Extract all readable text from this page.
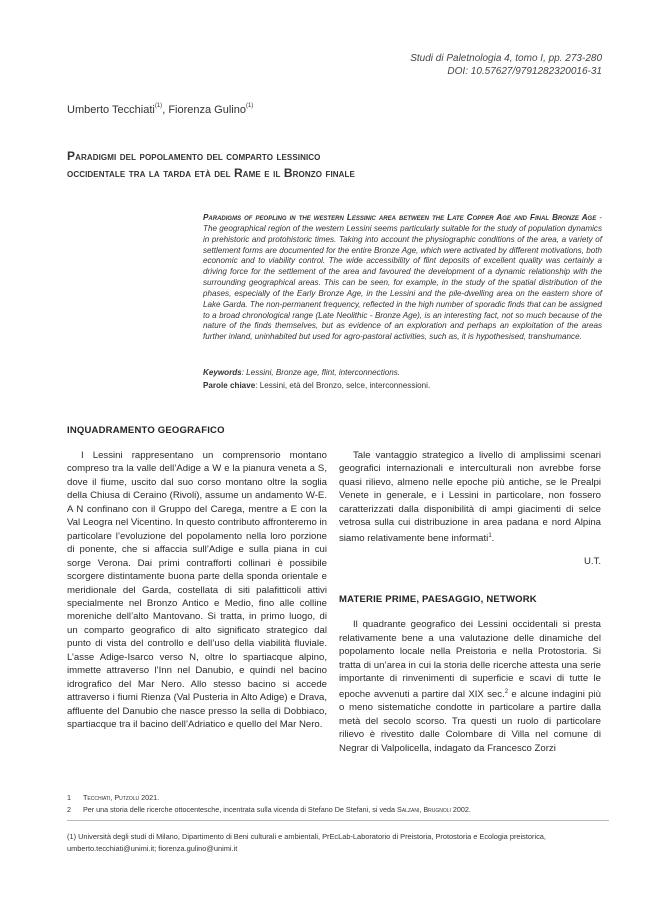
Studi di Paletnologia 4, tomo I, pp. 273-280
DOI: 10.57627/9791282320016-31
Umberto Tecchiati$^{(1)}$, Fiorenza Gulino$^{(1)}$
Paradigmi del popolamento del comparto lessinico
occidentale tra la tarda età del Rame e il Bronzo finale
Paradigms of peopling in the western Lessinic area between the Late Copper Age and Final Bronze Age - The geographical region of the western Lessini seems particularly suitable for the study of population dynamics in prehistoric and protohistoric times. Taking into account the physiographic conditions of the area, a variety of settlement forms are documented for the entire Bronze Age, which were activated by different motivations, both economic and to viability control. The wide accessibility of flint deposits of excellent quality was certainly a driving force for the settlement of the area and favoured the development of a dynamic relationship with the surrounding geographical areas. This can be seen, for example, in the study of the spatial distribution of the phases, especially of the Early Bronze Age, in the Lessini and the pile-dwelling area on the eastern shore of Lake Garda. The non-permanent frequency, reflected in the high number of sporadic finds that can be assigned to a broad chronological range (Late Neolithic - Bronze Age), is an interesting fact, not so much because of the nature of the finds themselves, but as evidence of an exploration and perhaps an exploitation of the areas further inland, uninhabited but used for agro-pastoral activities, such as, it is hypothesised, transhumance.
Keywords: Lessini, Bronze age, flint, interconnections.
Parole chiave: Lessini, età del Bronzo, selce, interconnessioni.
INQUADRAMENTO GEOGRAFICO

I Lessini rappresentano un comprensorio montano compreso tra la valle dell’Adige a W e la pianura veneta a S, dove il fiume, uscito dal suo corso montano oltre la soglia della Chiusa di Ceraino (Rivoli), assume un andamento W-E. A N confinano con il Gruppo del Carega, mentre a E con la Val Leogra nel Vicentino. In questo contributo affronteremo in particolare l’evoluzione del popolamento nella loro porzione di ponente, che si affaccia sull’Adige e sulla piana in cui sorge Verona. Dai primi contrafforti collinari è possibile scorgere distintamente buona parte della sponda orientale e meridionale del Garda, costellata di siti palafitticoli attivi specialmente nel Bronzo Antico e Medio, fino alle colline moreniche dell’alto Mantovano. Si tratta, in primo luogo, di un comparto geografico di alto significato strategico dal punto di vista del controllo e dell’uso della viabilità fluviale. L’asse Adige-Isarco verso N, oltre lo spartiacque alpino, immette attraverso l’Inn nel Danubio, e quindi nel bacino idrografico del Mar Nero. Allo stesso bacino si accede attraverso i fiumi Rienza (Val Pusteria in Alto Adige) e Drava, affluente del Danubio che nasce presso la sella di Dobbiaco, spartiacque tra il bacino dell’Adriatico e quello del Mar Nero.

Tale vantaggio strategico a livello di amplissimi scenari geografici internazionali e interculturali non avrebbe forse quasi rilievo, almeno nelle epoche più antiche, se le Prealpi Venete in generale, e i Lessini in particolare, non fossero caratterizzati dalla disponibilità di ampi giacimenti di selce vetrosa sulla cui distribuzione in area padana e nord Alpina siamo relativamente bene informati$^1$.

U.T.
MATERIE PRIME, PAESAGGIO, NETWORK

Il quadrante geografico dei Lessini occidentali si presta relativamente bene a una valutazione delle dinamiche del popolamento locale nella Preistoria e nella Protostoria. Si tratta di un’area in cui la storia delle ricerche attesta una serie importante di rinvenimenti di superficie e scavi di tutte le epoche avvenuti a partire dal XIX sec.$^2$ e alcune indagini più o meno sistematiche condotte in particolare a partire dalla metà del secolo scorso. Tra questi un ruolo di particolare rilievo è rivestito dalle Colombare di Villa nel comune di Negrar di Valpolicella, indagato da Francesco Zorzi

1 Tecchiati, Putzolu 2021.
2 Per una storia delle ricerche ottocentesche, incentrata sulla vicenda di Stefano De Stefani, si veda Salzani, Brugnoli 2002.
(1) Università degli studi di Milano, Dipartimento di Beni culturali e ambientali, PrEcLab-Laboratorio di Preistoria, Protostoria e Ecologia preistorica, umberto.tecchiati@unimi.it; fiorenza.gulino@unimi.it
